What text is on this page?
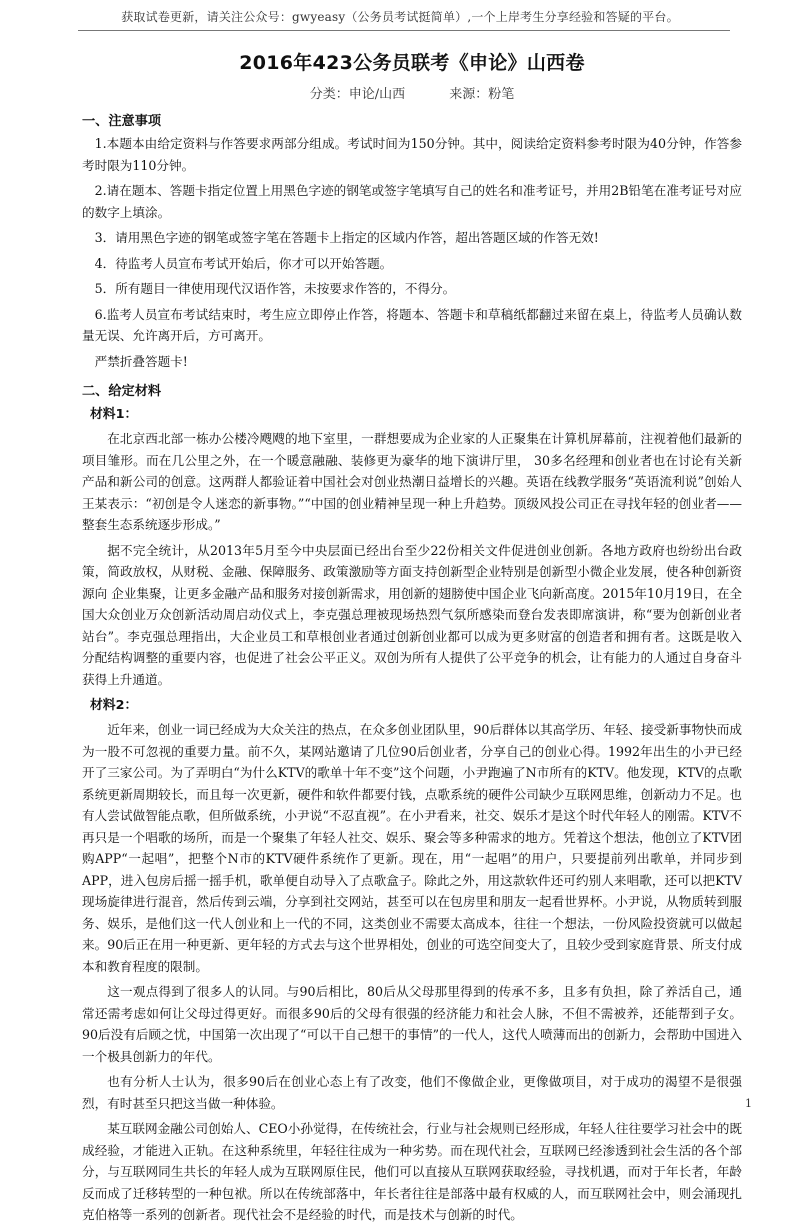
获取试卷更新，请关注公众号：gwyeasy（公务员考试挺简单）,一个上岸考生分享经验和答疑的平台。
2016年423公务员联考《申论》山西卷
分类：申论/山西	来源：粉笔
一、注意事项

1.本题本由给定资料与作答要求两部分组成。考试时间为150分钟。其中，阅读给定资料参考时限为40分钟，作答参考时限为110分钟。

2.请在题本、答题卡指定位置上用黑色字迹的钢笔或签字笔填写自己的姓名和准考证号，并用2B铅笔在准考证号对应的数字上填涂。

3．请用黑色字迹的钢笔或签字笔在答题卡上指定的区域内作答，超出答题区域的作答无效!

4．待监考人员宣布考试开始后，你才可以开始答题。

5．所有题目一律使用现代汉语作答，未按要求作答的，不得分。

6.监考人员宣布考试结束时，考生应立即停止作答，将题本、答题卡和草稿纸都翻过来留在桌上，待监考人员确认数量无误、允许离开后，方可离开。

严禁折叠答题卡!

二、给定材料
材料1：

在北京西北部一栋办公楼冷飕飕的地下室里，一群想要成为企业家的人正聚集在计算机屏幕前，注视着他们最新的项目雏形。而在几公里之外，在一个暖意融融、装修更为豪华的地下演讲厅里， 30多名经理和创业者也在讨论有关新产品和新公司的创意。这两群人都验证着中国社会对创业热潮日益增长的兴趣。英语在线教学服务“英语流利说”创始人王某表示：“初创是令人迷恋的新事物。”“中国的创业精神呈现一种上升趋势。顶级风投公司正在寻找年轻的创业者——整套生态系统逐步形成。”

据不完全统计，从2013年5月至今中央层面已经出台至少22份相关文件促进创业创新。各地方政府也纷纷出台政策，简政放权，从财税、金融、保障服务、政策激励等方面支持创新型企业特别是创新型小微企业发展，使各种创新资源向 企业集聚，让更多金融产品和服务对接创新需求，用创新的翅膀使中国企业飞向新高度。2015年10月19日，在全国大众创业万众创新活动周启动仪式上，李克强总理被现场热烈气氛所感染而登台发表即席演讲，称“要为创新创业者站台”。李克强总理指出，大企业员工和草根创业者通过创新创业都可以成为更多财富的创造者和拥有者。这既是收入分配结构调整的重要内容，也促进了社会公平正义。双创为所有人提供了公平竞争的机会，让有能力的人通过自身奋斗获得上升通道。

材料2：

近年来，创业一词已经成为大众关注的热点，在众多创业团队里，90后群体以其高学历、年轻、接受新事物快而成为一股不可忽视的重要力量。前不久，某网站邀请了几位90后创业者，分享自己的创业心得。1992年出生的小尹已经开了三家公司。为了弄明白“为什么KTV的歌单十年不变”这个问题，小尹跑遍了N市所有的KTV。他发现，KTV的点歌系统更新周期较长，而且每一次更新，硬件和软件都要付钱，点歌系统的硬件公司缺少互联网思维，创新动力不足。也有人尝试做智能点歌，但所做系统，小尹说“不忍直视”。在小尹看来，社交、娱乐才是这个时代年轻人的刚需。KTV不再只是一个唱歌的场所，而是一个聚集了年轻人社交、娱乐、聚会等多种需求的地方。凭着这个想法，他创立了KTV团购APP“一起唱”，把整个N市的KTV硬件系统作了更新。现在，用“一起唱”的用户，只要提前列出歌单，并同步到APP，进入包房后摇一摇手机，歌单便自动导入了点歌盒子。除此之外，用这款软件还可约别人来唱歌，还可以把KTV现场旋律进行混音，然后传到云端，分享到社交网站，甚至可以在包房里和朋友一起看世界杯。小尹说，从物质转到服务、娱乐，是他们这一代人创业和上一代的不同，这类创业不需要太高成本，往往一个想法，一份风险投资就可以做起来。90后正在用一种更新、更年轻的方式去与这个世界相处，创业的可选空间变大了，且较少受到家庭背景、所支付成本和教育程度的限制。

这一观点得到了很多人的认同。与90后相比，80后从父母那里得到的传承不多，且多有负担，除了养活自己，通常还需考虑如何让父母过得更好。而很多90后的父母有很强的经济能力和社会人脉，不但不需被养，还能帮到子女。90后没有后顾之忧，中国第一次出现了“可以干自己想干的事情”的一代人，这代人喷薄而出的创新力，会帮助中国进入一个极具创新力的年代。

也有分析人士认为，很多90后在创业心态上有了改变，他们不像做企业，更像做项目，对于成功的渴望不是很强烈，有时甚至只把这当做一种体验。

某互联网金融公司创始人、CEO小孙觉得，在传统社会，行业与社会规则已经形成，年轻人往往要学习社会中的既成经验，才能进入正轨。在这种系统里，年轻往往成为一种劣势。而在现代社会，互联网已经渗透到社会生活的各个部分，与互联网同生共长的年轻人成为互联网原住民，他们可以直接从互联网获取经验，寻找机遇，而对于年长者，年龄反而成了迁移转型的一种包袱。所以在传统部落中，年长者往往是部落中最有权威的人，而互联网社会中，则会涌现扎克伯格等一系列的创新者。现代社会不是经验的时代，而是技术与创新的时代。

1
